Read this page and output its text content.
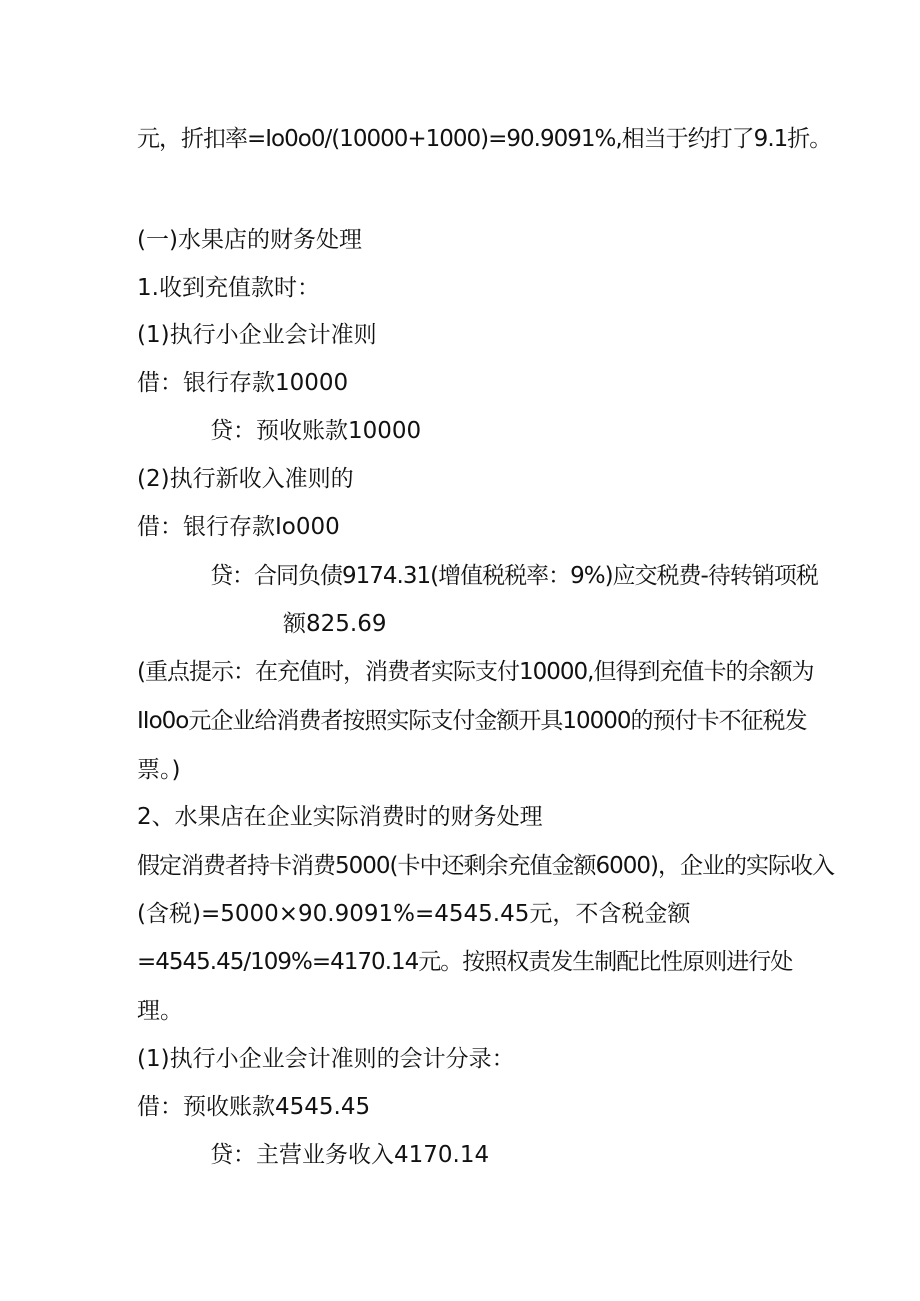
元，折扣率=Io0o0/(10000+1000)=90.9091%,相当于约打了9.1折。
(一)水果店的财务处理
1.收到充值款时：
(1)执行小企业会计准则
借：银行存款10000
贷：预收账款10000
(2)执行新收入准则的
借：银行存款Io000
贷：合同负债9174.31(增值税税率：9%)应交税费-待转销项税
额825.69
(重点提示：在充值时，消费者实际支付10000,但得到充值卡的余额为
IIo0o元企业给消费者按照实际支付金额开具10000的预付卡不征税发
票。)
2、水果店在企业实际消费时的财务处理
假定消费者持卡消费5000(卡中还剩余充值金额6000)，企业的实际收入
(含税)=5000×90.9091%=4545.45元，不含税金额
=4545.45/109%=4170.14元。按照权责发生制配比性原则进行处
理。
(1)执行小企业会计准则的会计分录：
借：预收账款4545.45
贷：主营业务收入4170.14
